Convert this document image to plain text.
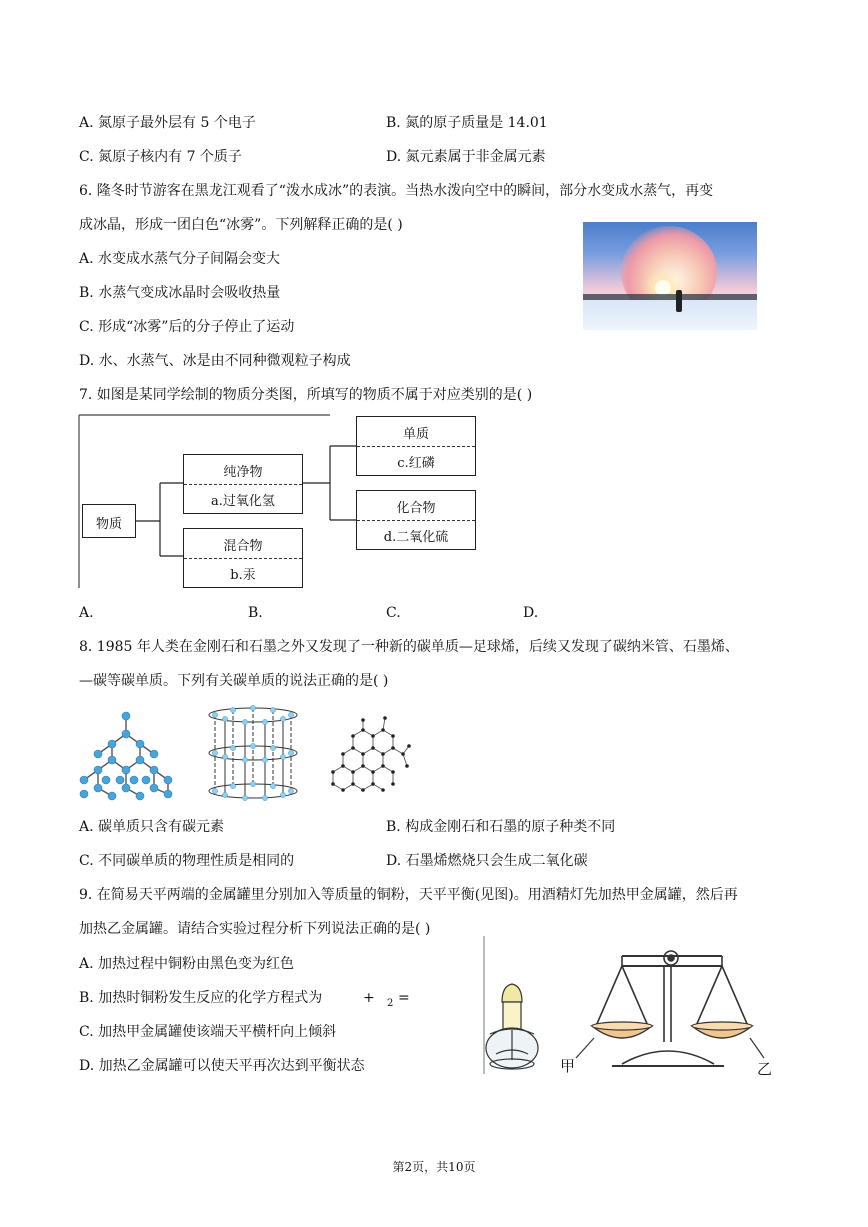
A. 氮原子最外层有 5 个电子	B. 氮的原子质量是 14.01
C. 氮原子核内有 7 个质子	D. 氮元素属于非金属元素
6. 隆冬时节游客在黑龙江观看了“泼水成冰”的表演。当热水泼向空中的瞬间，部分水变成水蒸气，再变
成冰晶，形成一团白色“冰雾”。下列解释正确的是( )
A. 水变成水蒸气分子间隔会变大
B. 水蒸气变成冰晶时会吸收热量
C. 形成“冰雾”后的分子停止了运动
D. 水、水蒸气、冰是由不同种微观粒子构成
7. 如图是某同学绘制的物质分类图，所填写的物质不属于对应类别的是( )
物质
纯净物
a.过氧化氢
混合物
b.汞
单质
c.红磷
化合物
d.二氧化硫
A.	B.	C.	D.
8. 1985 年人类在金刚石和石墨之外又发现了一种新的碳单质—足球烯，后续又发现了碳纳米管、石墨烯、
—碳等碳单质。下列有关碳单质的说法正确的是( )
A. 碳单质只含有碳元素	B. 构成金刚石和石墨的原子种类不同
C. 不同碳单质的物理性质是相同的	D. 石墨烯燃烧只会生成二氧化碳
9. 在简易天平两端的金属罐里分别加入等质量的铜粉，天平平衡(见图)。用酒精灯先加热甲金属罐，然后再
加热乙金属罐。请结合实验过程分析下列说法正确的是( )
A. 加热过程中铜粉由黑色变为红色
B. 加热时铜粉发生反应的化学方程式为	+ 2 =
C. 加热甲金属罐使该端天平横杆向上倾斜
D. 加热乙金属罐可以使天平再次达到平衡状态	甲	乙
第2页，共10页
